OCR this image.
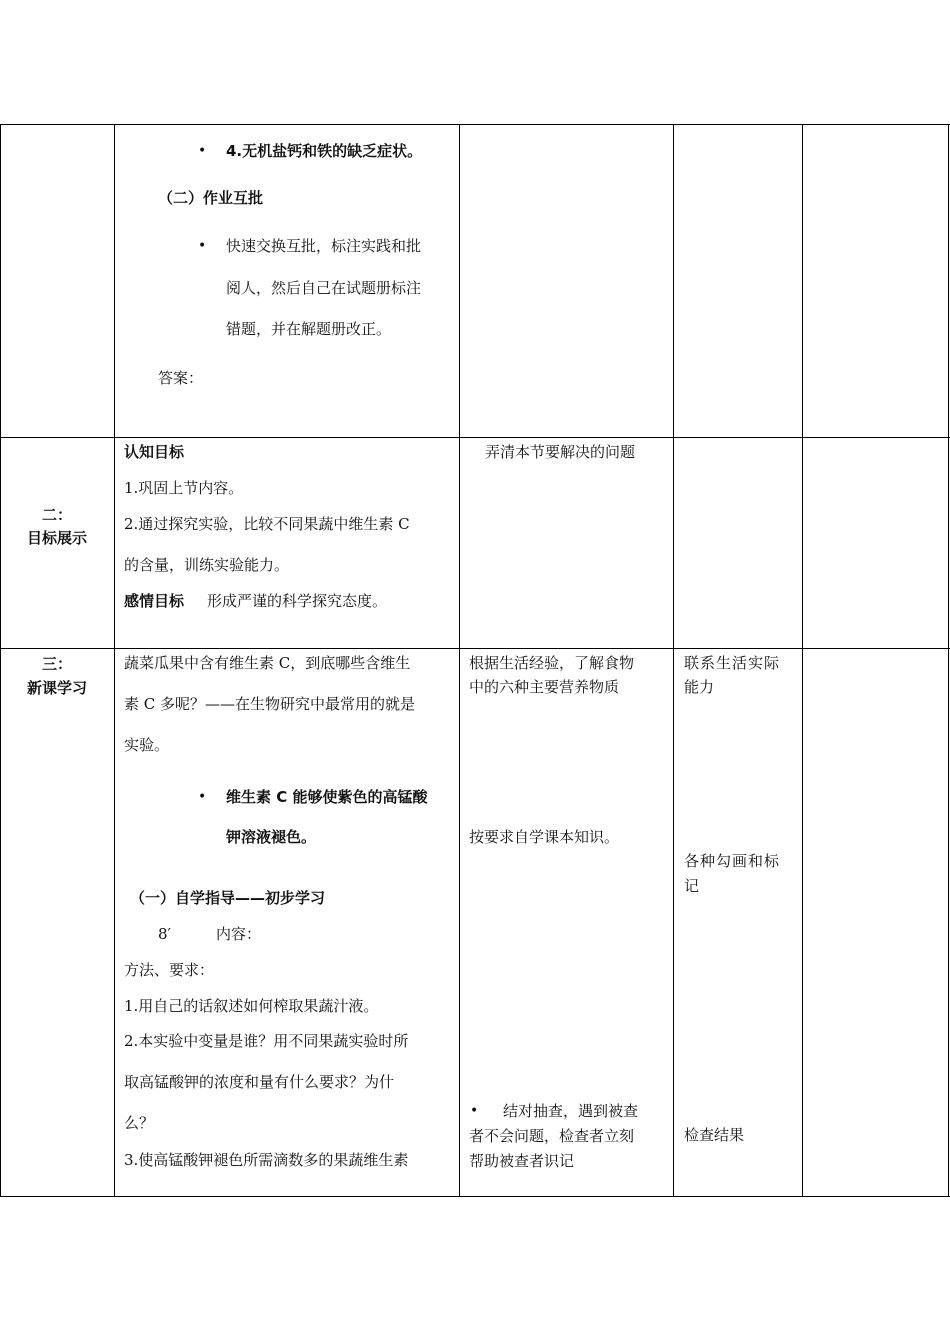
• 4.无机盐钙和铁的缺乏症状。
（二）作业互批
• 快速交换互批，标注实践和批
阅人，然后自己在试题册标注
错题，并在解题册改正。
答案：
二：
目标展示
认知目标
1.巩固上节内容。
2.通过探究实验，比较不同果蔬中维生素 C
的含量，训练实验能力。
感情目标 形成严谨的科学探究态度。
弄清本节要解决的问题
三：
新课学习
蔬菜瓜果中含有维生素 C，到底哪些含维生
素 C 多呢？——在生物研究中最常用的就是
实验。
• 维生素 C 能够使紫色的高锰酸
钾溶液褪色。
（一）自学指导——初步学习
8′	内容：
方法、要求：
1.用自己的话叙述如何榨取果蔬汁液。
2.本实验中变量是谁？用不同果蔬实验时所
取高锰酸钾的浓度和量有什么要求？为什
么？
3.使高锰酸钾褪色所需滴数多的果蔬维生素
根据生活经验，了解食物
中的六种主要营养物质
按要求自学课本知识。
• 结对抽查，遇到被查
者不会问题，检查者立刻
帮助被查者识记
联系生活实际
能力
各种勾画和标
记
检查结果
